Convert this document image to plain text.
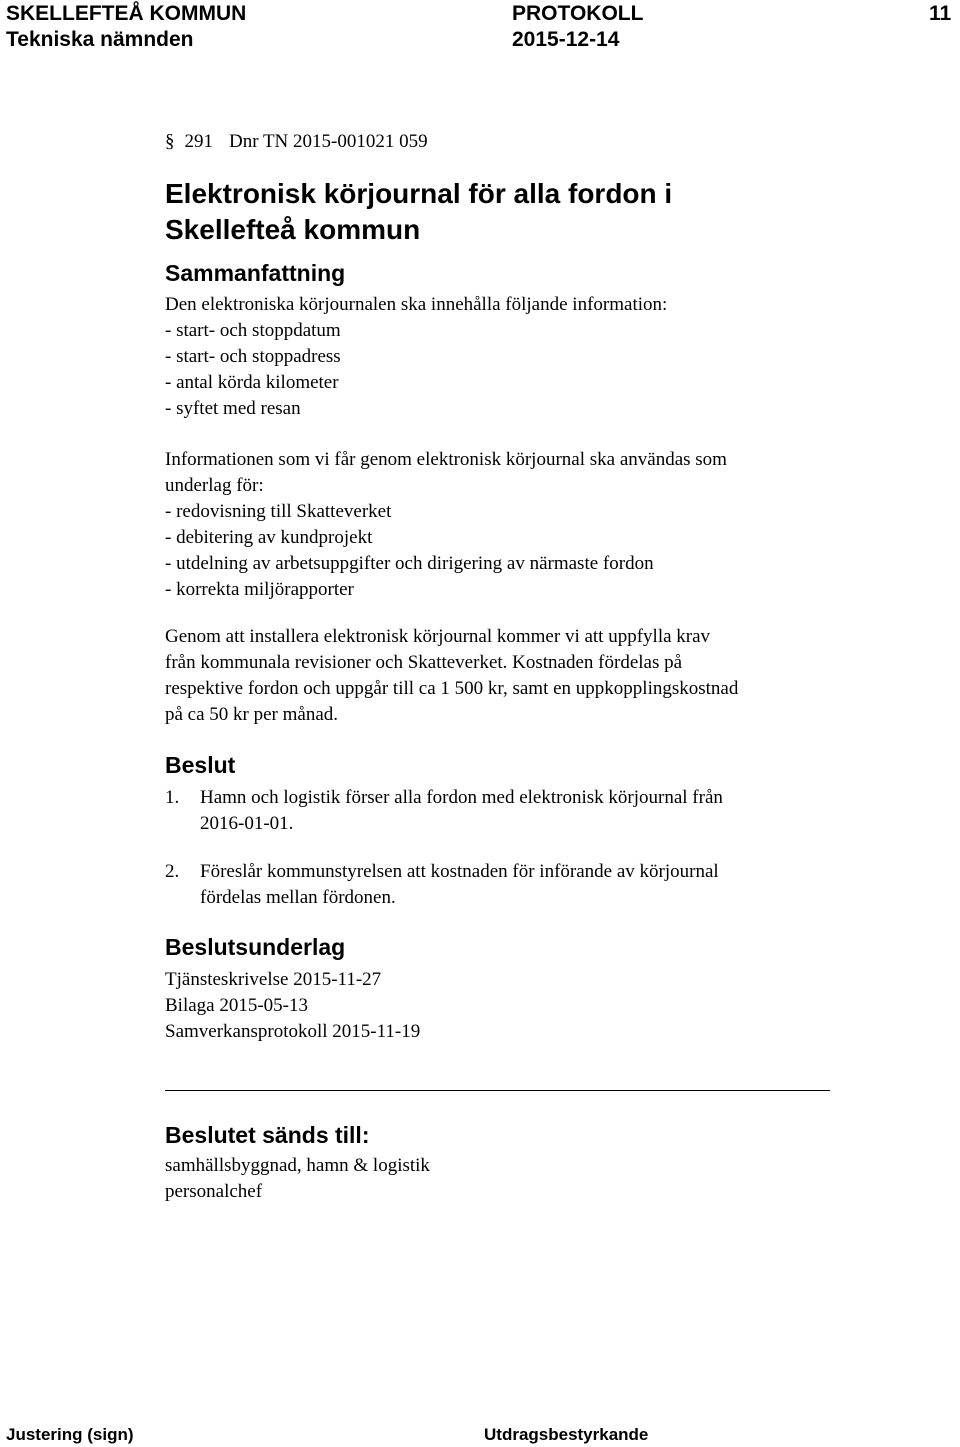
SKELLEFTEÅ KOMMUN
Tekniska nämnden
PROTOKOLL
2015-12-14
11
§ 291 Dnr TN 2015-001021 059
Elektronisk körjournal för alla fordon i
Skellefteå kommun
Sammanfattning
Den elektroniska körjournalen ska innehålla följande information:
- start- och stoppdatum
- start- och stoppadress
- antal körda kilometer
- syftet med resan
Informationen som vi får genom elektronisk körjournal ska användas som
underlag för:
- redovisning till Skatteverket
- debitering av kundprojekt
- utdelning av arbetsuppgifter och dirigering av närmaste fordon
- korrekta miljörapporter
Genom att installera elektronisk körjournal kommer vi att uppfylla krav
från kommunala revisioner och Skatteverket. Kostnaden fördelas på
respektive fordon och uppgår till ca 1 500 kr, samt en uppkopplingskostnad
på ca 50 kr per månad.
Beslut
1. Hamn och logistik förser alla fordon med elektronisk körjournal från
2016-01-01.
2. Föreslår kommunstyrelsen att kostnaden för införande av körjournal
fördelas mellan fördonen.
Beslutsunderlag
Tjänsteskrivelse 2015-11-27
Bilaga 2015-05-13
Samverkansprotokoll 2015-11-19
Beslutet sänds till:
samhällsbyggnad, hamn & logistik
personalchef
Justering (sign)	Utdragsbestyrkande
